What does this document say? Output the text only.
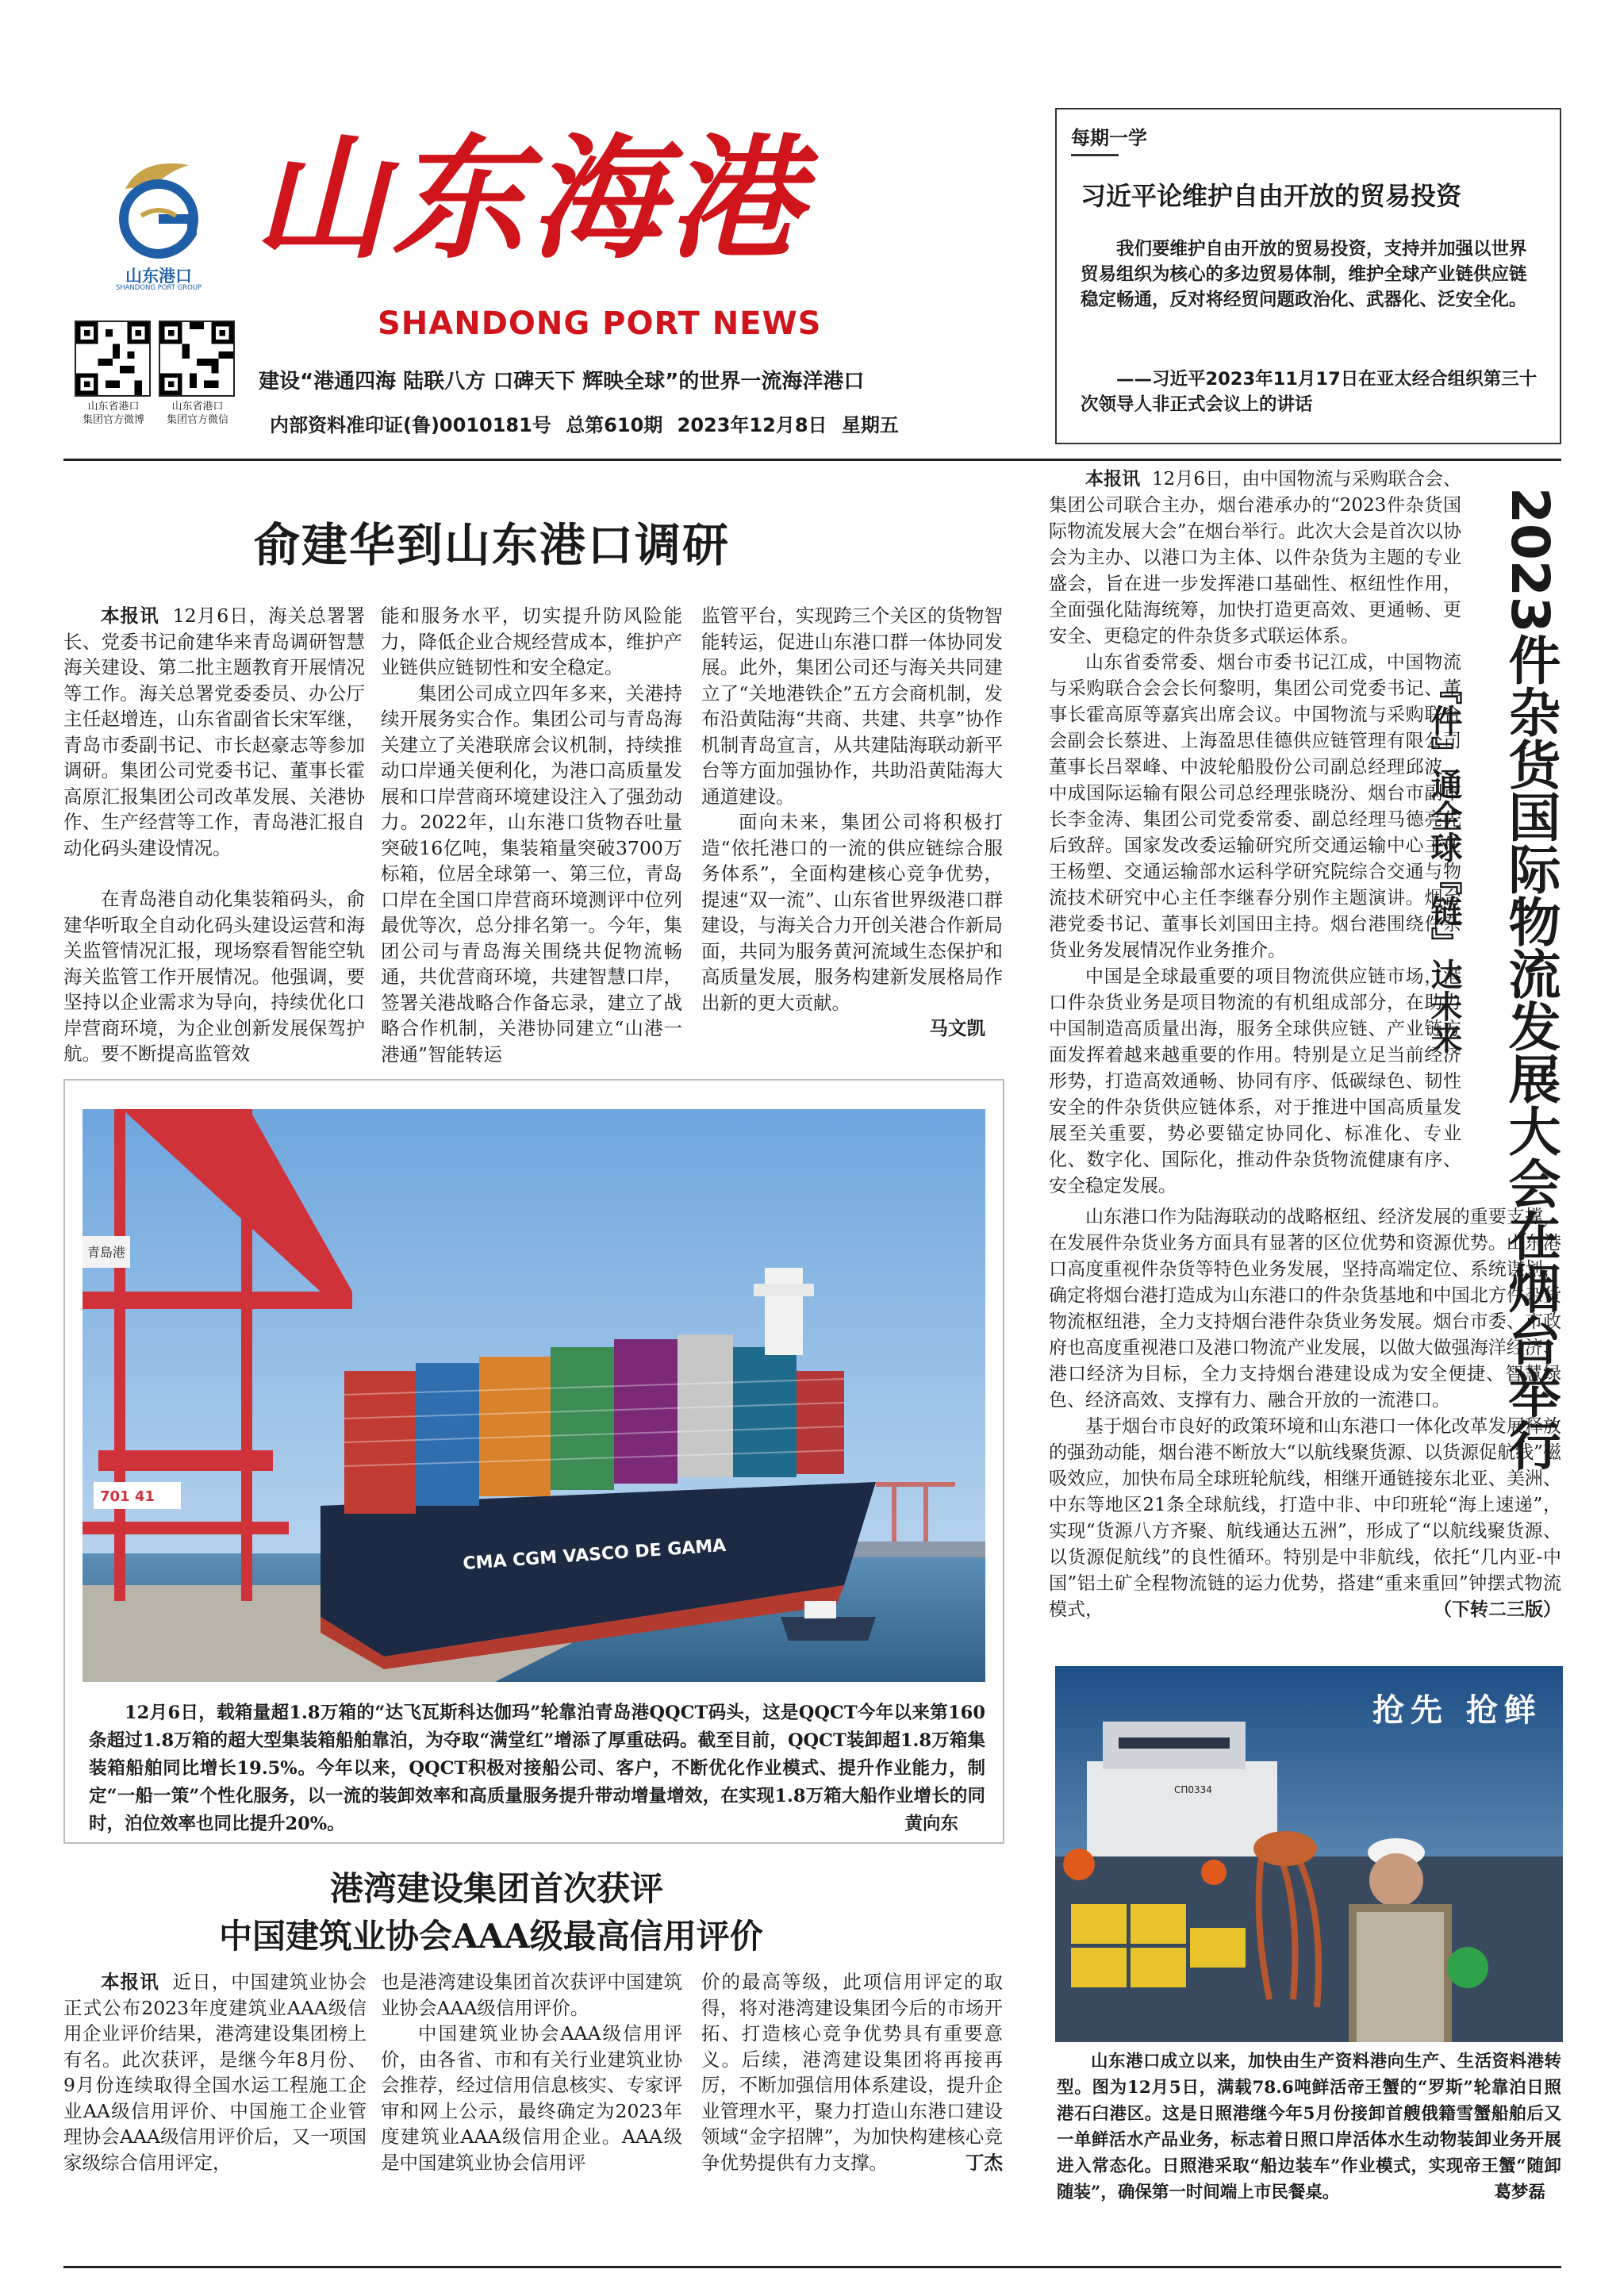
山东港口
SHANDONG PORT GROUP
山东海港
SHANDONG PORT NEWS
山东省港口
集团官方微博
山东省港口
集团官方微信
建设“港通四海 陆联八方 口碑天下 辉映全球”的世界一流海洋港口
内部资料准印证(鲁)0010181号 总第610期 2023年12月8日 星期五
每期一学
习近平论维护自由开放的贸易投资
我们要维护自由开放的贸易投资，支持并加强以世界贸易组织为核心的多边贸易体制，维护全球产业链供应链稳定畅通，反对将经贸问题政治化、武器化、泛安全化。
——习近平2023年11月17日在亚太经合组织第三十次领导人非正式会议上的讲话
俞建华到山东港口调研

本报讯 12月6日，海关总署署长、党委书记俞建华来青岛调研智慧海关建设、第二批主题教育开展情况等工作。海关总署党委委员、办公厅主任赵增连，山东省副省长宋军继，青岛市委副书记、市长赵豪志等参加调研。集团公司党委书记、董事长霍高原汇报集团公司改革发展、关港协作、生产经营等工作，青岛港汇报自动化码头建设情况。

在青岛港自动化集装箱码头，俞建华听取全自动化码头建设运营和海关监管情况汇报，现场察看智能空轨海关监管工作开展情况。他强调，要坚持以企业需求为导向，持续优化口岸营商环境，为企业创新发展保驾护航。要不断提高监管效

能和服务水平，切实提升防风险能力，降低企业合规经营成本，维护产业链供应链韧性和安全稳定。

集团公司成立四年多来，关港持续开展务实合作。集团公司与青岛海关建立了关港联席会议机制，持续推动口岸通关便利化，为港口高质量发展和口岸营商环境建设注入了强劲动力。2022年，山东港口货物吞吐量突破16亿吨，集装箱量突破3700万标箱，位居全球第一、第三位，青岛口岸在全国口岸营商环境测评中位列最优等次，总分排名第一。今年，集团公司与青岛海关围绕共促物流畅通，共优营商环境，共建智慧口岸，签署关港战略合作备忘录，建立了战略合作机制，关港协同建立“山港一港通”智能转运

监管平台，实现跨三个关区的货物智能转运，促进山东港口群一体协同发展。此外，集团公司还与海关共同建立了“关地港铁企”五方会商机制，发布沿黄陆海“共商、共建、共享”协作机制青岛宣言，从共建陆海联动新平台等方面加强协作，共助沿黄陆海大通道建设。

面向未来，集团公司将积极打造“依托港口的一流的供应链综合服务体系”，全面构建核心竞争优势，提速“双一流”、山东省世界级港口群建设，与海关合力开创关港合作新局面，共同为服务黄河流域生态保护和高质量发展，服务构建新发展格局作出新的更大贡献。

马文凯	2023件杂货国际物流发展大会在烟台举行
『件』通全球『链』达未来

本报讯 12月6日，由中国物流与采购联合会、集团公司联合主办，烟台港承办的“2023件杂货国际物流发展大会”在烟台举行。此次大会是首次以协会为主办、以港口为主体、以件杂货为主题的专业盛会，旨在进一步发挥港口基础性、枢纽性作用，全面强化陆海统筹，加快打造更高效、更通畅、更安全、更稳定的件杂货多式联运体系。

山东省委常委、烟台市委书记江成，中国物流与采购联合会会长何黎明，集团公司党委书记、董事长霍高原等嘉宾出席会议。中国物流与采购联合会副会长蔡进、上海盈思佳德供应链管理有限公司董事长吕翠峰、中波轮船股份公司副总经理邱波、中成国际运输有限公司总经理张晓汾、烟台市副市长李金涛、集团公司党委常委、副总经理马德亮先后致辞。国家发改委运输研究所交通运输中心主任王杨塑、交通运输部水运科学研究院综合交通与物流技术研究中心主任李继春分别作主题演讲。烟台港党委书记、董事长刘国田主持。烟台港围绕件杂货业务发展情况作业务推介。

中国是全球最重要的项目物流供应链市场，港口件杂货业务是项目物流的有机组成部分，在助力中国制造高质量出海，服务全球供应链、产业链方面发挥着越来越重要的作用。特别是立足当前经济形势，打造高效通畅、协同有序、低碳绿色、韧性安全的件杂货供应链体系，对于推进中国高质量发展至关重要，势必要锚定协同化、标准化、专业化、数字化、国际化，推动件杂货物流健康有序、安全稳定发展。

山东港口作为陆海联动的战略枢纽、经济发展的重要支撑，在发展件杂货业务方面具有显著的区位优势和资源优势。山东港口高度重视件杂货等特色业务发展，坚持高端定位、系统谋划，确定将烟台港打造成为山东港口的件杂货基地和中国北方件杂货物流枢纽港，全力支持烟台港件杂货业务发展。烟台市委、市政府也高度重视港口及港口物流产业发展，以做大做强海洋经济、港口经济为目标，全力支持烟台港建设成为安全便捷、智慧绿色、经济高效、支撑有力、融合开放的一流港口。

基于烟台市良好的政策环境和山东港口一体化改革发展释放的强劲动能，烟台港不断放大“以航线聚货源、以货源促航线”磁吸效应，加快布局全球班轮航线，相继开通链接东北亚、美洲、中东等地区21条全球航线，打造中非、中印班轮“海上速递”，实现“货源八方齐聚、航线通达五洲”，形成了“以航线聚货源、以货源促航线”的良性循环。特别是中非航线，依托“几内亚-中国”铝土矿全程物流链的运力优势，搭建“重来重回”钟摆式物流模式，	（下转二三版）

CMA CGM VASCO DE GAMA
701 41
青島港
12月6日，载箱量超1.8万箱的“达飞瓦斯科达伽玛”轮靠泊青岛港QQCT码头，这是QQCT今年以来第160条超过1.8万箱的超大型集装箱船舶靠泊，为夺取“满堂红”增添了厚重砝码。截至目前，QQCT装卸超1.8万箱集装箱船舶同比增长19.5%。今年以来，QQCT积极对接船公司、客户，不断优化作业模式、提升作业能力，制定“一船一策”个性化服务，以一流的装卸效率和高质量服务提升带动增量增效，在实现1.8万箱大船作业增长的同时，泊位效率也同比提升20%。	黄向东
港湾建设集团首次获评
中国建筑业协会AAA级最高信用评价

本报讯 近日，中国建筑业协会正式公布2023年度建筑业AAA级信用企业评价结果，港湾建设集团榜上有名。此次获评，是继今年8月份、9月份连续取得全国水运工程施工企业AA级信用评价、中国施工企业管理协会AAA级信用评价后，又一项国家级综合信用评定，

也是港湾建设集团首次获评中国建筑业协会AAA级信用评价。

中国建筑业协会AAA级信用评价，由各省、市和有关行业建筑业协会推荐，经过信用信息核实、专家评审和网上公示，最终确定为2023年度建筑业AAA级信用企业。AAA级是中国建筑业协会信用评

价的最高等级，此项信用评定的取得，将对港湾建设集团今后的市场开拓、打造核心竞争优势具有重要意义。后续，港湾建设集团将再接再厉，不断加强信用体系建设，提升企业管理水平，聚力打造山东港口建设领域“金字招牌”，为加快构建核心竞争优势提供有力支撑。	丁杰

СП0334
抢先 抢鲜
山东港口成立以来，加快由生产资料港向生产、生活资料港转型。图为12月5日，满载78.6吨鲜活帝王蟹的“罗斯”轮靠泊日照港石臼港区。这是日照港继今年5月份接卸首艘俄籍雪蟹船舶后又一单鲜活水产品业务，标志着日照口岸活体水生动物装卸业务开展进入常态化。日照港采取“船边装车”作业模式，实现帝王蟹“随卸随装”，确保第一时间端上市民餐桌。	葛梦磊
